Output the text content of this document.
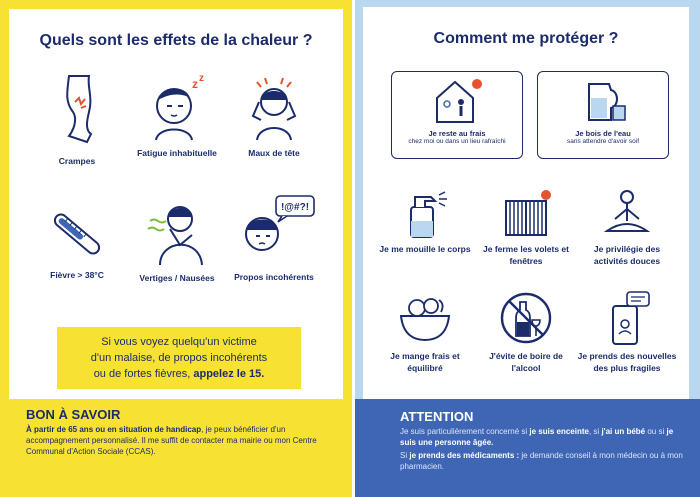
Quels sont les effets de la chaleur ?
Crampes
z z
Fatigue inhabituelle	Maux de tête
Fièvre > 38°C	Vertiges / Nausées
!@#?!
Propos incohérents
Si vous voyez quelqu'un victime
d'un malaise, de propos incohérents
ou de fortes fièvres, appelez le 15.
BON À SAVOIR
À partir de 65 ans ou en situation de handicap, je peux bénéficier d'un accompagnement personnalisé. Il me suffit de contacter ma mairie ou mon Centre Communal d'Action Sociale (CCAS).
Comment me protéger ?
Je reste au frais
chez moi ou dans un lieu rafraîchi
Je bois de l'eau
sans attendre d'avoir soif
Je me mouille le corps	Je ferme les volets et fenêtres
Je privilégie des activités douces
Je mange frais et équilibré
J'évite de boire de l'alcool
Je prends des nouvelles des plus fragiles
ATTENTION
Je suis particulièrement concerné si je suis enceinte, si j'ai un bébé ou si je suis une personne âgée.
Si je prends des médicaments : je demande conseil à mon médecin ou à mon pharmacien.
